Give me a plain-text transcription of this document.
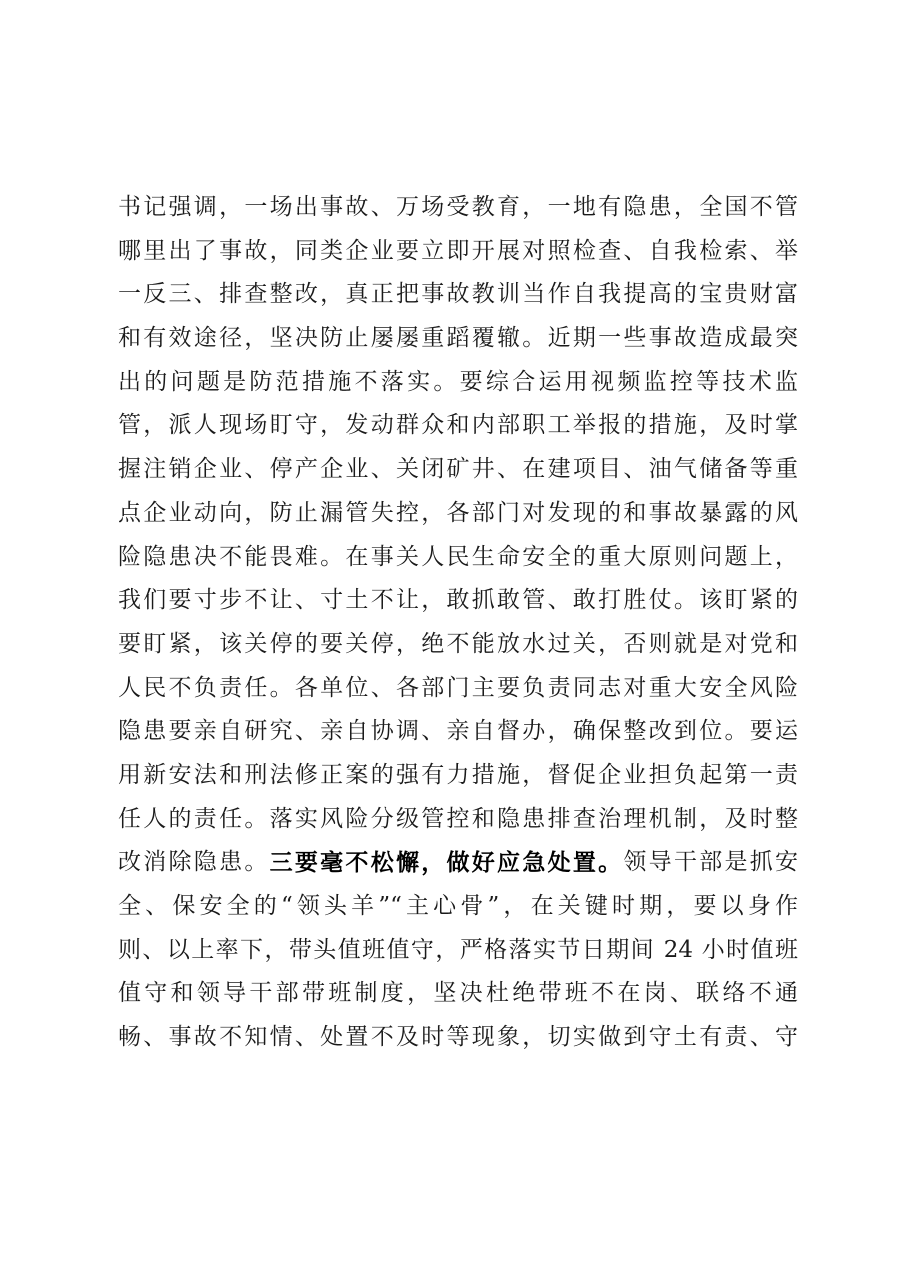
书记强调，一场出事故、万场受教育，一地有隐患，全国不管
哪里出了事故，同类企业要立即开展对照检查、自我检索、举
一反三、排查整改，真正把事故教训当作自我提高的宝贵财富
和有效途径，坚决防止屡屡重蹈覆辙。近期一些事故造成最突
出的问题是防范措施不落实。要综合运用视频监控等技术监
管，派人现场盯守，发动群众和内部职工举报的措施，及时掌
握注销企业、停产企业、关闭矿井、在建项目、油气储备等重
点企业动向，防止漏管失控，各部门对发现的和事故暴露的风
险隐患决不能畏难。在事关人民生命安全的重大原则问题上，
我们要寸步不让、寸土不让，敢抓敢管、敢打胜仗。该盯紧的
要盯紧，该关停的要关停，绝不能放水过关，否则就是对党和
人民不负责任。各单位、各部门主要负责同志对重大安全风险
隐患要亲自研究、亲自协调、亲自督办，确保整改到位。要运
用新安法和刑法修正案的强有力措施，督促企业担负起第一责
任人的责任。落实风险分级管控和隐患排查治理机制，及时整
改消除隐患。三要毫不松懈，做好应急处置。领导干部是抓安
全、保安全的“领头羊”“主心骨”，在关键时期，要以身作
则、以上率下，带头值班值守，严格落实节日期间 24 小时值班
值守和领导干部带班制度，坚决杜绝带班不在岗、联络不通
畅、事故不知情、处置不及时等现象，切实做到守土有责、守
